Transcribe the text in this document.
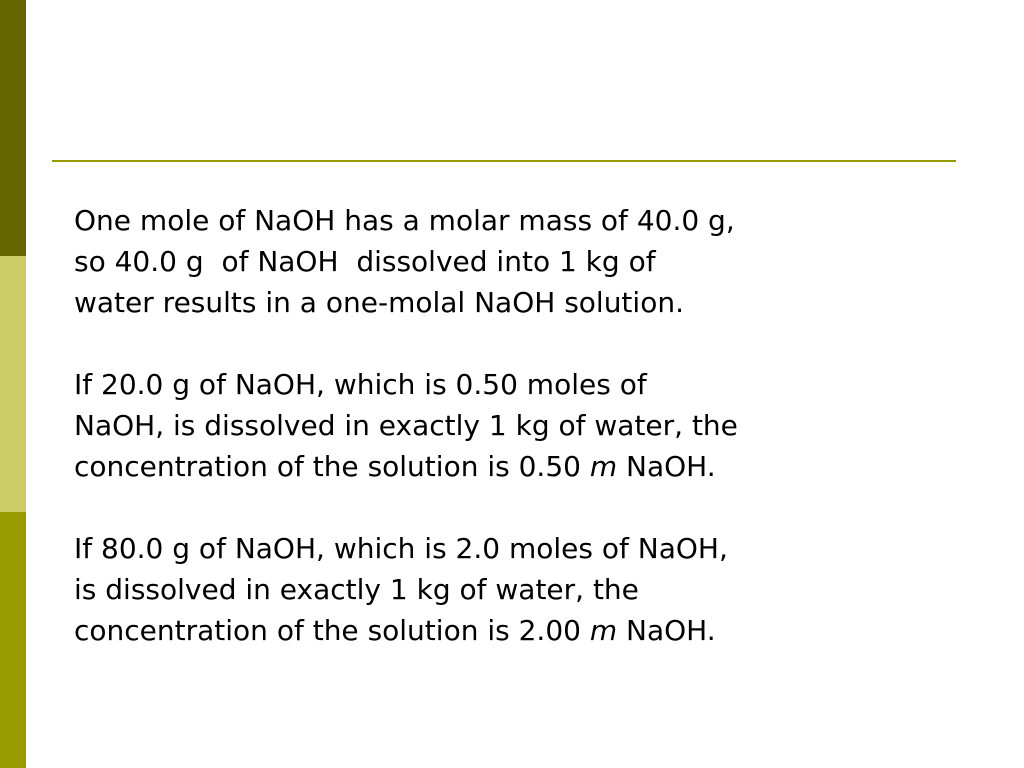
One mole of NaOH has a molar mass of 40.0 g,
so 40.0 g  of NaOH  dissolved into 1 kg of
water results in a one-molal NaOH solution.

If 20.0 g of NaOH, which is 0.50 moles of
NaOH, is dissolved in exactly 1 kg of water, the
concentration of the solution is 0.50 m NaOH.

If 80.0 g of NaOH, which is 2.0 moles of NaOH,
is dissolved in exactly 1 kg of water, the
concentration of the solution is 2.00 m NaOH.
